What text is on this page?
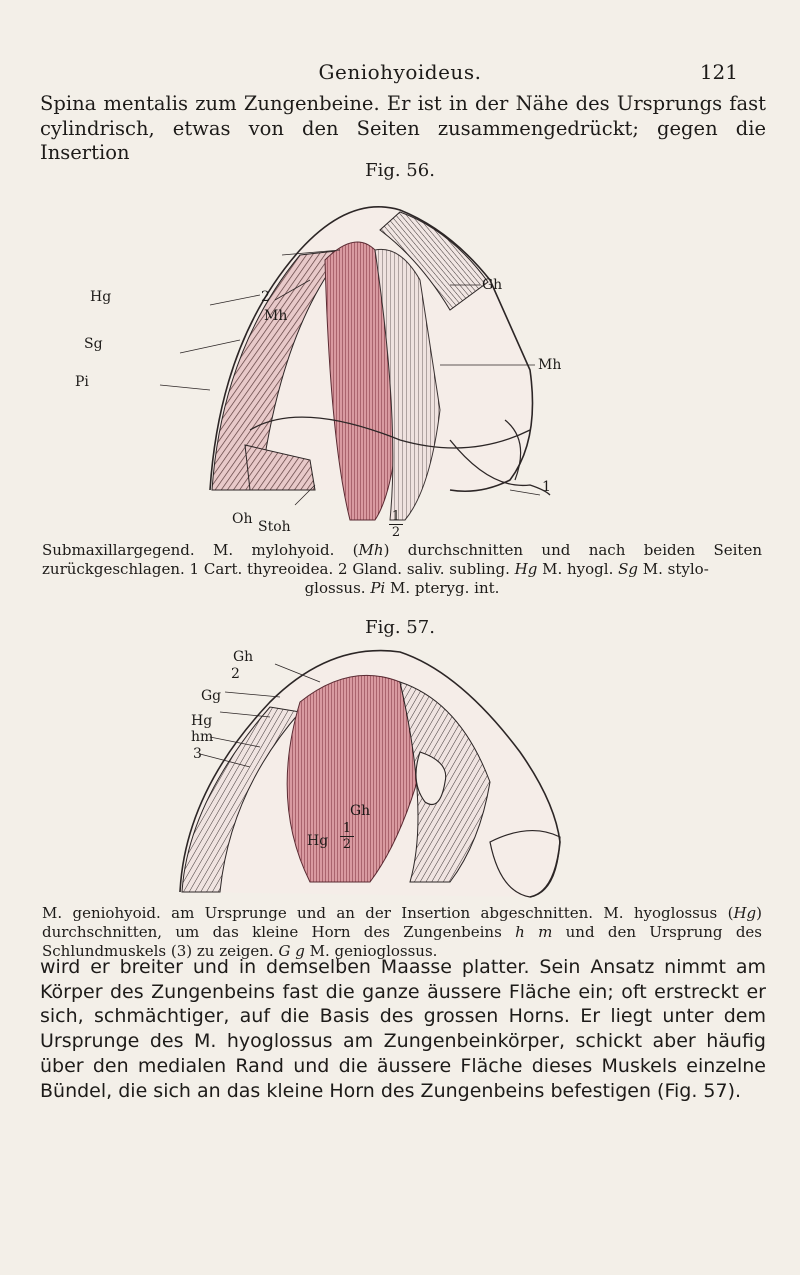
Geniohyoideus.	121
Spina mentalis zum Zungenbeine. Er ist in der Nähe des Ursprungs fast
cylindrisch, etwas von den Seiten zusammengedrückt; gegen die Insertion
Fig. 56.
Mh
2
Hg
Sg
Pi
Gh
Mh
1
Oh Stoh
1
2
Submaxillargegend. M. mylohyoid. (Mh) durchschnitten und nach beiden Seiten zurückgeschlagen. 1 Cart. thyreoidea. 2 Gland. saliv. subling. Hg M. hyogl. Sg M. stylo-
glossus. Pi M. pteryg. int.
Fig. 57.
Gh
2
Gg
Hg
hm
3
Gh
Hg
1
2
M. geniohyoid. am Ursprunge und an der Insertion abgeschnitten. M. hyoglossus (Hg) durchschnitten, um das kleine Horn des Zungenbeins h m und den Ursprung des Schlundmuskels (3) zu zeigen. G g M. genioglossus.
wird er breiter und in demselben Maasse platter. Sein Ansatz nimmt am Körper des Zungenbeins fast die ganze äussere Fläche ein; oft erstreckt er sich, schmächtiger, auf die Basis des grossen Horns. Er liegt unter dem Ursprunge des M. hyoglossus am Zungenbeinkörper, schickt aber häufig über den medialen Rand und die äussere Fläche dieses Muskels einzelne Bündel, die sich an das kleine Horn des Zungenbeins befestigen (Fig. 57).
